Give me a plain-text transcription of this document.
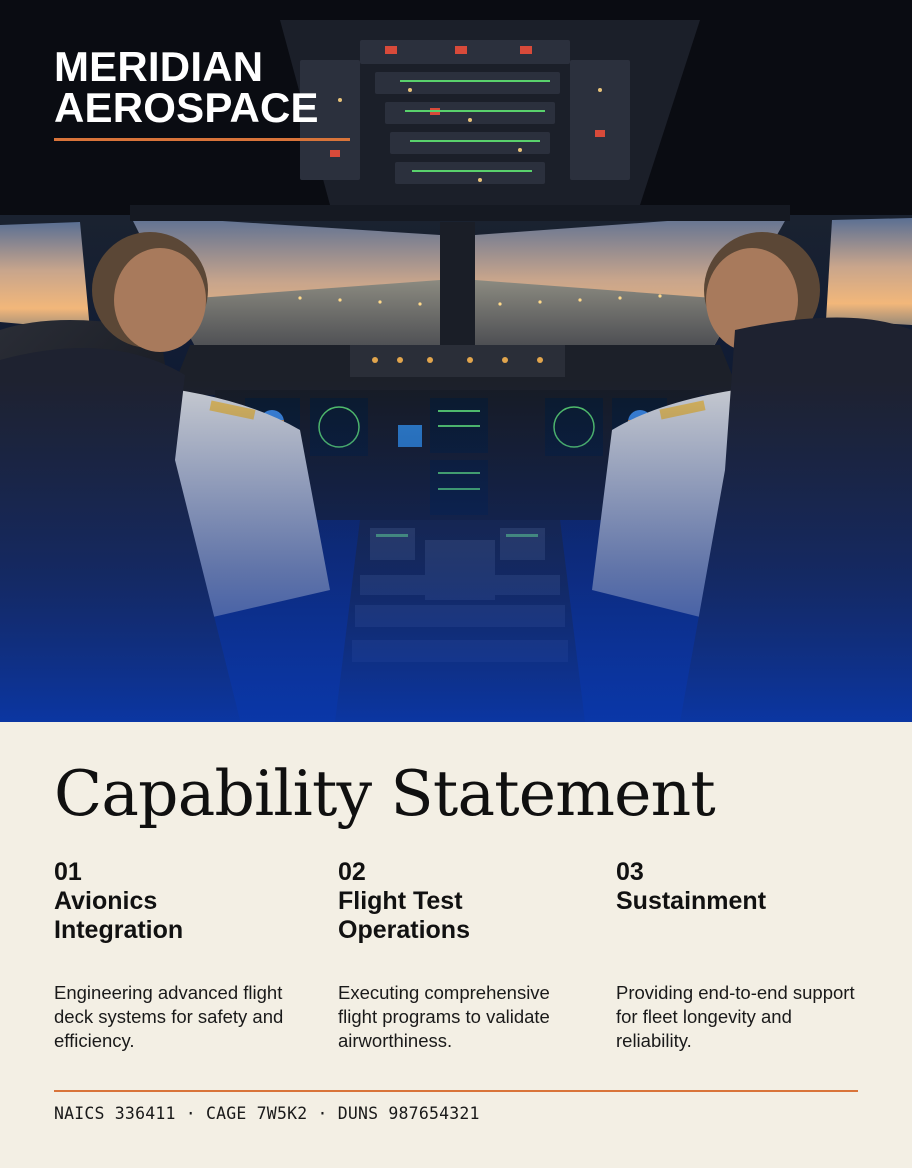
MERIDIAN
AEROSPACE
Capability Statement
01
Avionics
Integration

Engineering advanced flight deck systems for safety and efficiency.

02
Flight Test
Operations

Executing comprehensive flight programs to validate airworthiness.

03
Sustainment

Providing end-to-end support for fleet longevity and reliability.

NAICS 336411 · CAGE 7W5K2 · DUNS 987654321
